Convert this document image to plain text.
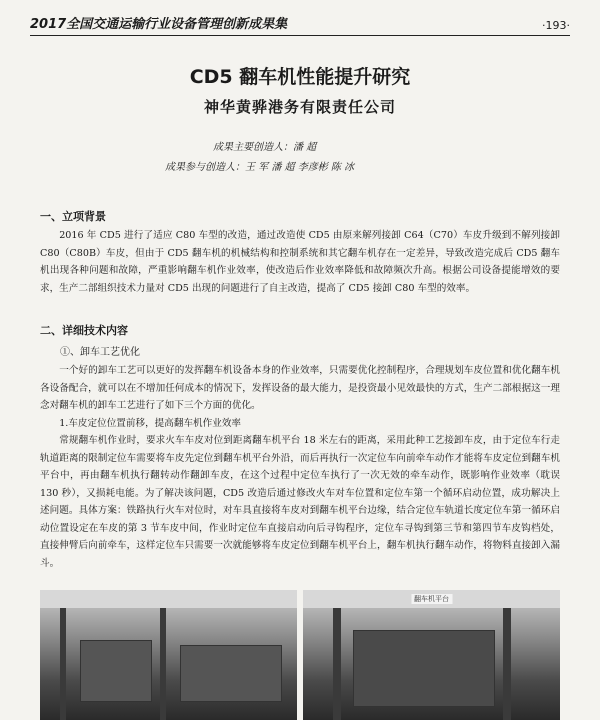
2017全国交通运输行业设备管理创新成果集	·193·
CD5 翻车机性能提升研究
神华黄骅港务有限责任公司
成果主要创造人：潘 超
成果参与创造人：王 军 潘 超 李彦彬 陈 冰
一、立项背景
2016 年 CD5 进行了适应 C80 车型的改造，通过改造使 CD5 由原来解列接卸 C64（C70）车皮升级到不解列接卸 C80（C80B）车皮，但由于 CD5 翻车机的机械结构和控制系统和其它翻车机存在一定差异，导致改造完成后 CD5 翻车机出现各种问题和故障，严重影响翻车机作业效率，使改造后作业效率降低和故障频次升高。根据公司设备提能增效的要求，生产二部组织技术力量对 CD5 出现的问题进行了自主改造，提高了 CD5 接卸 C80 车型的效率。
二、详细技术内容
①、卸车工艺优化
一个好的卸车工艺可以更好的发挥翻车机设备本身的作业效率，只需要优化控制程序，合理规划车皮位置和优化翻车机各设备配合，就可以在不增加任何成本的情况下，发挥设备的最大能力，是投资最小见效最快的方式，生产二部根据这一理念对翻车机的卸车工艺进行了如下三个方面的优化。
1.车皮定位位置前移，提高翻车机作业效率
常规翻车机作业时，要求火车车皮对位到距离翻车机平台 18 米左右的距离，采用此种工艺接卸车皮，由于定位车行走轨道距离的限制定位车需要将车皮先定位到翻车机平台外沿，而后再执行一次定位车向前牵车动作才能将车皮定位到翻车机平台中，再由翻车机执行翻转动作翻卸车皮，在这个过程中定位车执行了一次无效的牵车动作，既影响作业效率（耽误 130 秒），又损耗电能。为了解决该问题，CD5 改造后通过修改火车对车位置和定位车第一个循环启动位置，成功解决上述问题。具体方案：铁路执行火车对位时，对车具直接将车皮对到翻车机平台边缘，结合定位车轨道长度定位车第一循环启动位置设定在车皮的第 3 节车皮中间，作业时定位车直接启动向后寻钩程序，定位车寻钩到第三节和第四节车皮钩档处，直接伸臂后向前牵车，这样定位车只需要一次就能够将车皮定位到翻车机平台上，翻车机执行翻车动作，将物料直接卸入漏斗。
翻车机平台
